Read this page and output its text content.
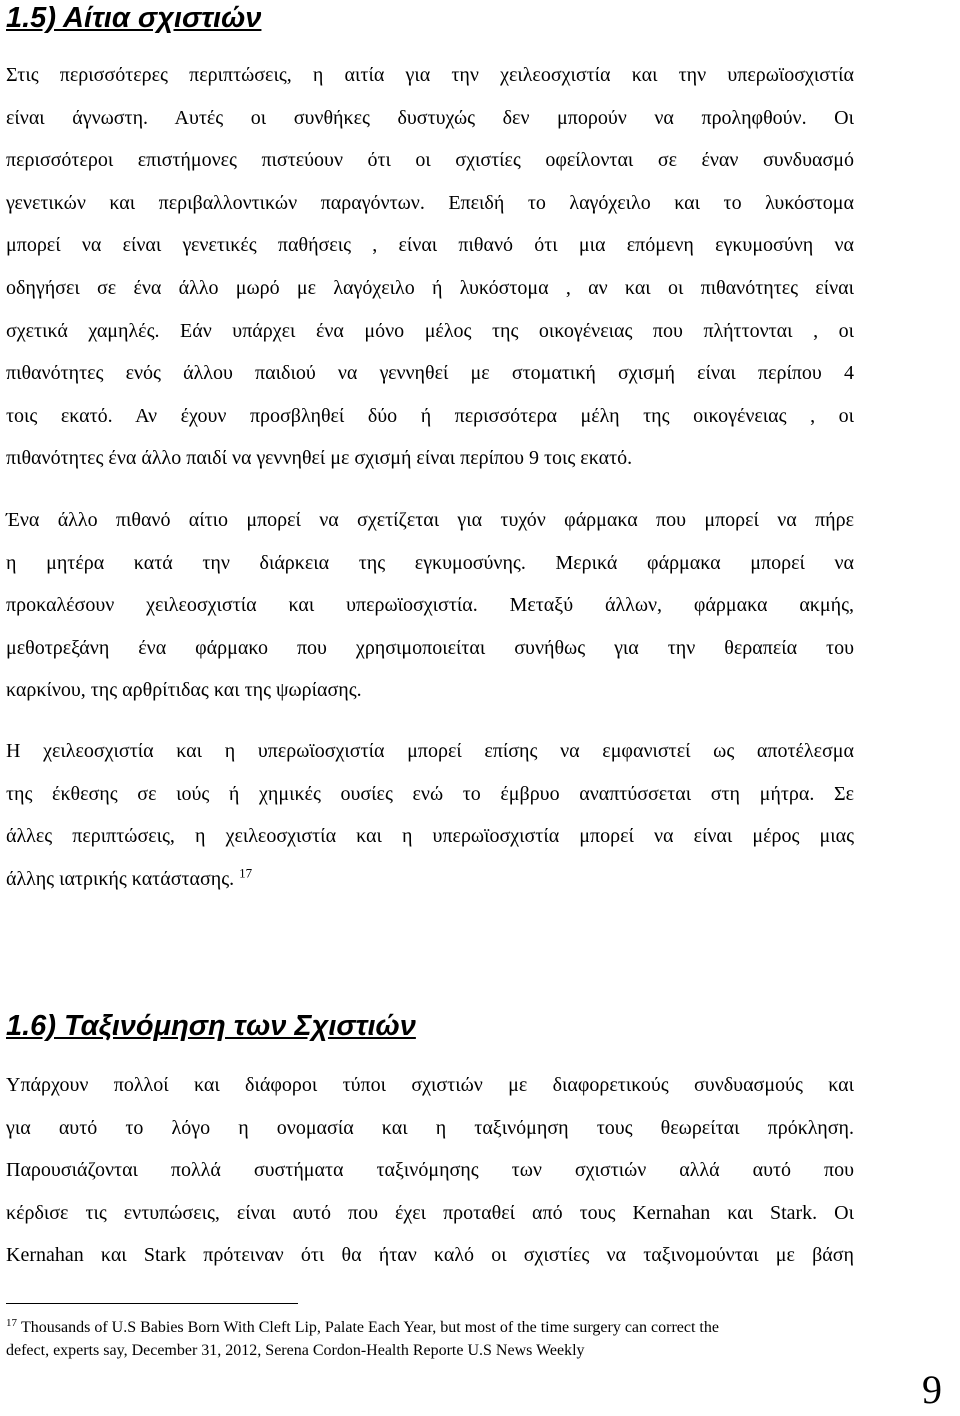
1.5) Αίτια σχιστιών
Στις περισσότερες περιπτώσεις, η αιτία για την χειλεοσχιστία και την υπερωϊοσχιστία
είναι άγνωστη. Αυτές οι συνθήκες δυστυχώς δεν μπορούν να προληφθούν. Οι
περισσότεροι επιστήμονες πιστεύουν ότι οι σχιστίες οφείλονται σε έναν συνδυασμό
γενετικών και περιβαλλοντικών παραγόντων. Επειδή το λαγόχειλο και το λυκόστομα
μπορεί να είναι γενετικές παθήσεις , είναι πιθανό ότι μια επόμενη εγκυμοσύνη να
οδηγήσει σε ένα άλλο μωρό με λαγόχειλο ή λυκόστομα , αν και οι πιθανότητες είναι
σχετικά χαμηλές. Εάν υπάρχει ένα μόνο μέλος της οικογένειας που πλήττονται , οι
πιθανότητες ενός άλλου παιδιού να γεννηθεί με στοματική σχισμή είναι περίπου 4
τοις εκατό. Αν έχουν προσβληθεί δύο ή περισσότερα μέλη της οικογένειας , οι
πιθανότητες ένα άλλο παιδί να γεννηθεί με σχισμή είναι περίπου 9 τοις εκατό.
Ένα άλλο πιθανό αίτιο μπορεί να σχετίζεται για τυχόν φάρμακα που μπορεί να πήρε
η μητέρα κατά την διάρκεια της εγκυμοσύνης. Μερικά φάρμακα μπορεί να
προκαλέσουν χειλεοσχιστία και υπερωϊοσχιστία. Μεταξύ άλλων, φάρμακα ακμής,
μεθοτρεξάνη ένα φάρμακο που χρησιμοποιείται συνήθως για την θεραπεία του
καρκίνου, της αρθρίτιδας και της ψωρίασης.
Η χειλεοσχιστία και η υπερωϊοσχιστία μπορεί επίσης να εμφανιστεί ως αποτέλεσμα
της έκθεσης σε ιούς ή χημικές ουσίες ενώ το έμβρυο αναπτύσσεται στη μήτρα. Σε
άλλες περιπτώσεις, η χειλεοσχιστία και η υπερωϊοσχιστία μπορεί να είναι μέρος μιας
άλλης ιατρικής κατάστασης. $^{17}$
1.6) Ταξινόμηση των Σχιστιών
Υπάρχουν πολλοί και διάφοροι τύποι σχιστιών με διαφορετικούς συνδυασμούς και
για αυτό το λόγο η ονομασία και η ταξινόμηση τους θεωρείται πρόκληση.
Παρουσιάζονται πολλά συστήματα ταξινόμησης των σχιστιών αλλά αυτό που
κέρδισε τις εντυπώσεις, είναι αυτό που έχει προταθεί από τους Kernahan και Stark. Οι
Kernahan και Stark πρότειναν ότι θα ήταν καλό οι σχιστίες να ταξινομούνται με βάση
$^{17}$ Thousands of U.S Babies Born With Cleft Lip, Palate Each Year, but most of the time surgery can correct the
defect, experts say, December 31, 2012, Serena Cordon-Health Reporte U.S News Weekly
9
